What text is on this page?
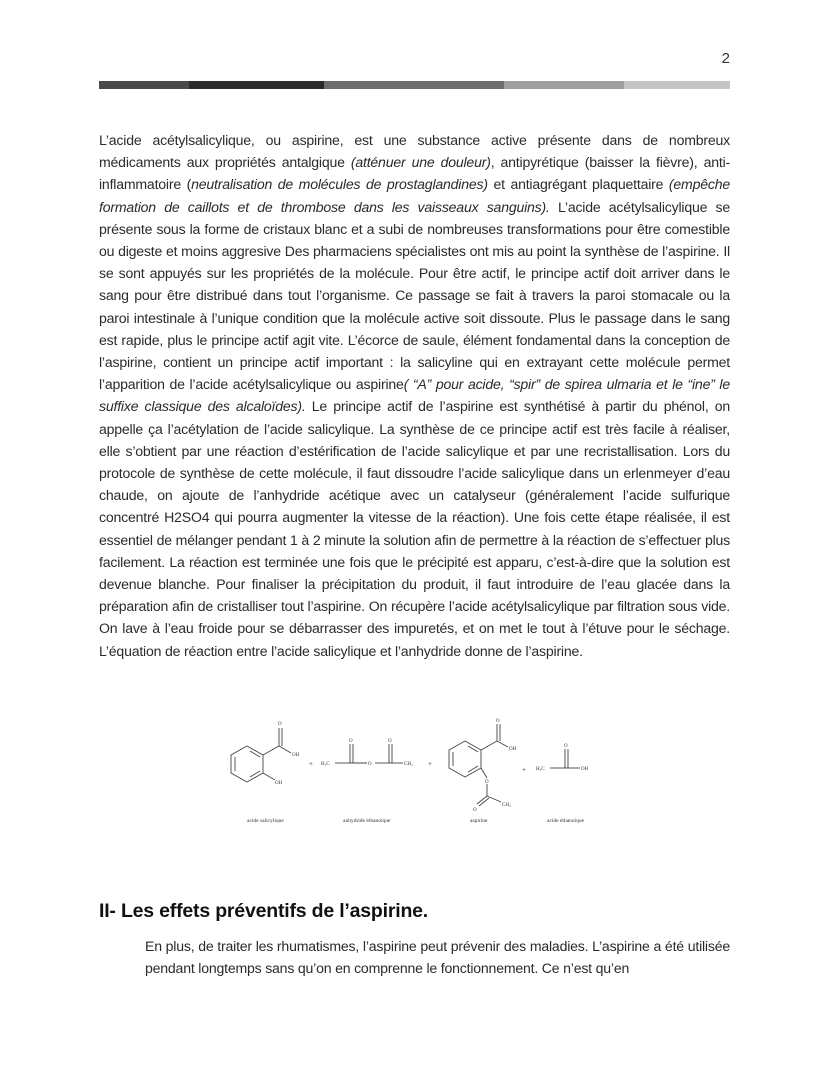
2
L’acide acétylsalicylique, ou aspirine, est une substance active présente dans de nombreux médicaments aux propriétés antalgique (atténuer une douleur), antipyrétique (baisser la fièvre), anti-inflammatoire (neutralisation de molécules de prostaglandines) et antiagrégant plaquettaire (empêche formation de caillots et de thrombose dans les vaisseaux sanguins). L’acide acétylsalicylique se présente sous la forme de cristaux blanc et a subi de nombreuses transformations pour être comestible ou digeste et moins aggresive Des pharmaciens spécialistes ont mis au point la synthèse de l’aspirine. Il se sont appuyés sur les propriétés de la molécule. Pour être actif, le principe actif doit arriver dans le sang pour être distribué dans tout l’organisme. Ce passage se fait à travers la paroi stomacale ou la paroi intestinale à l’unique condition que la molécule active soit dissoute. Plus le passage dans le sang est rapide, plus le principe actif agit vite. L’écorce de saule, élément fondamental dans la conception de l’aspirine, contient un principe actif important : la salicyline qui en extrayant cette molécule permet l’apparition de l’acide acétylsalicylique ou aspirine( “A” pour acide, “spir” de spirea ulmaria et le “ine” le suffixe classique des alcaloïdes). Le principe actif de l’aspirine est synthétisé à partir du phénol, on appelle ça l’acétylation de l’acide salicylique. La synthèse de ce principe actif est très facile à réaliser, elle s’obtient par une réaction d’estérification de l’acide salicylique et par une recristallisation. Lors du protocole de synthèse de cette molécule, il faut dissoudre l’acide salicylique dans un erlenmeyer d’eau chaude, on ajoute de l’anhydride acétique avec un catalyseur (généralement l’acide sulfurique concentré H2SO4 qui pourra augmenter la vitesse de la réaction). Une fois cette étape réalisée, il est essentiel de mélanger pendant 1 à 2 minute la solution afin de permettre à la réaction de s’effectuer plus facilement. La réaction est terminée une fois que le précipité est apparu, c’est-à-dire que la solution est devenue blanche. Pour finaliser la précipitation du produit, il faut introduire de l’eau glacée dans la préparation afin de cristalliser tout l’aspirine. On récupère l’acide acétylsalicylique par filtration sous vide. On lave à l’eau froide pour se débarrasser des impuretés, et on met le tout à l’étuve pour le séchage. L’équation de réaction entre l’acide salicylique et l’anhydride donne de l’aspirine.
O
OH
OH
H₃C
O
O
O
CH₃
O
OH
O
O
CH₃
H₃C
O
OH
+	+
+
acide salicylique	anhydride éthanoïque	aspirine	acide éthanoïque
II- Les effets préventifs de l’aspirine.
En plus, de traiter les rhumatismes, l’aspirine peut prévenir des maladies. L’aspirine a été utilisée pendant longtemps sans qu’on en comprenne le fonctionnement. Ce n’est qu’en
